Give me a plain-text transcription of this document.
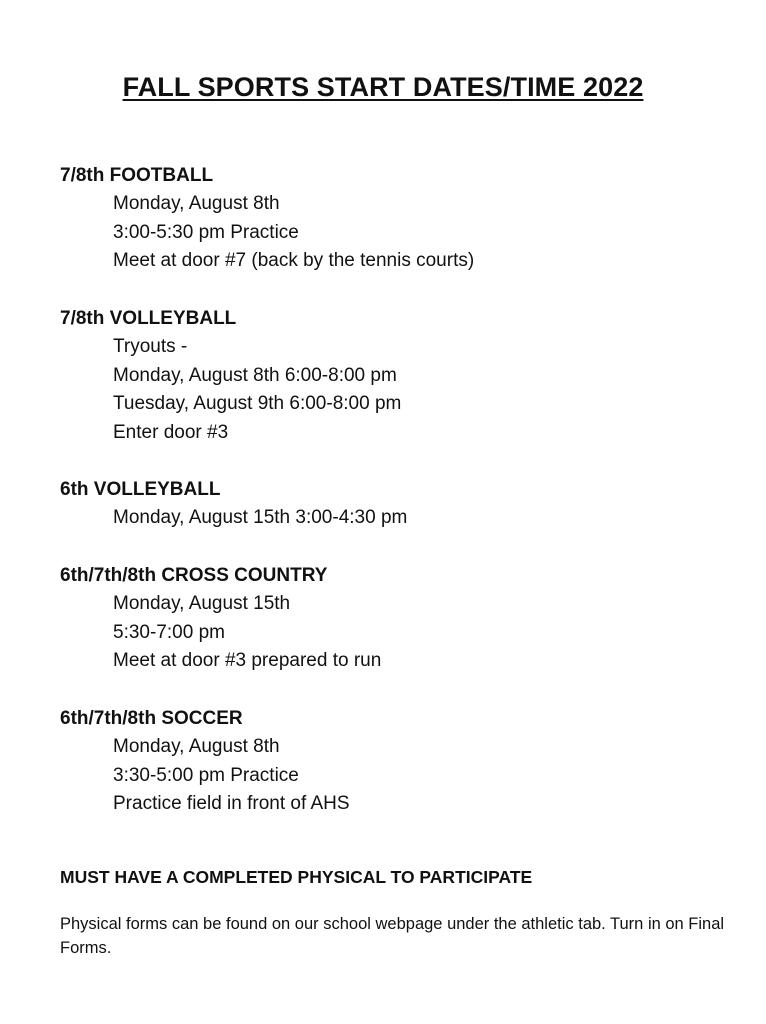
FALL SPORTS START DATES/TIME 2022

7/8th FOOTBALL

Monday, August 8th
3:00-5:30 pm Practice
Meet at door #7 (back by the tennis courts)

7/8th VOLLEYBALL

Tryouts -
Monday, August 8th 6:00-8:00 pm
Tuesday, August 9th 6:00-8:00 pm
Enter door #3

6th VOLLEYBALL

Monday, August 15th 3:00-4:30 pm

6th/7th/8th CROSS COUNTRY

Monday, August 15th
5:30-7:00 pm
Meet at door #3 prepared to run

6th/7th/8th SOCCER

Monday, August 8th
3:30-5:00 pm Practice
Practice field in front of AHS
MUST HAVE A COMPLETED PHYSICAL TO PARTICIPATE
Physical forms can be found on our school webpage under the athletic tab. Turn in on Final Forms.
